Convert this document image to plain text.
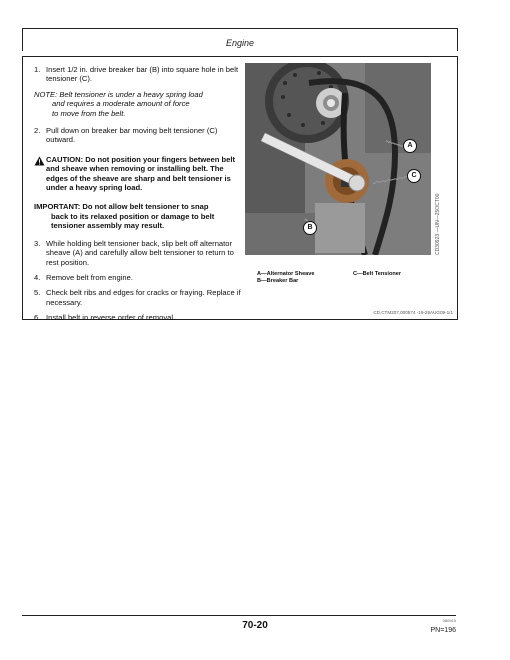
Engine
1. Insert 1/2 in. drive breaker bar (B) into square hole in belt tensioner (C).
NOTE: Belt tensioner is under a heavy spring load
and requires a moderate amount of force
to move from the belt.
2. Pull down on breaker bar moving belt tensioner (C) outward.
CAUTION: Do not position your fingers between belt and sheave when removing or installing belt. The edges of the sheave are sharp and belt tensioner is under a heavy spring load.
IMPORTANT: Do not allow belt tensioner to snap
back to its relaxed position or damage to belt tensioner assembly may result.
3. While holding belt tensioner back, slip belt off alternator sheave (A) and carefully allow belt tensioner to return to rest position.
4. Remove belt from engine.
5. Check belt ribs and edges for cracks or fraying. Replace if necessary.
6. Install belt in reverse order of removal.
A
C
B	CD30923 —UN—25OCT00
A—Alternator Sheave
B—Breaker Bar
C—Belt Tensioner
CD,CTM207,000574 -19-26AUG09-1/1
70-20	080915
PN=196
